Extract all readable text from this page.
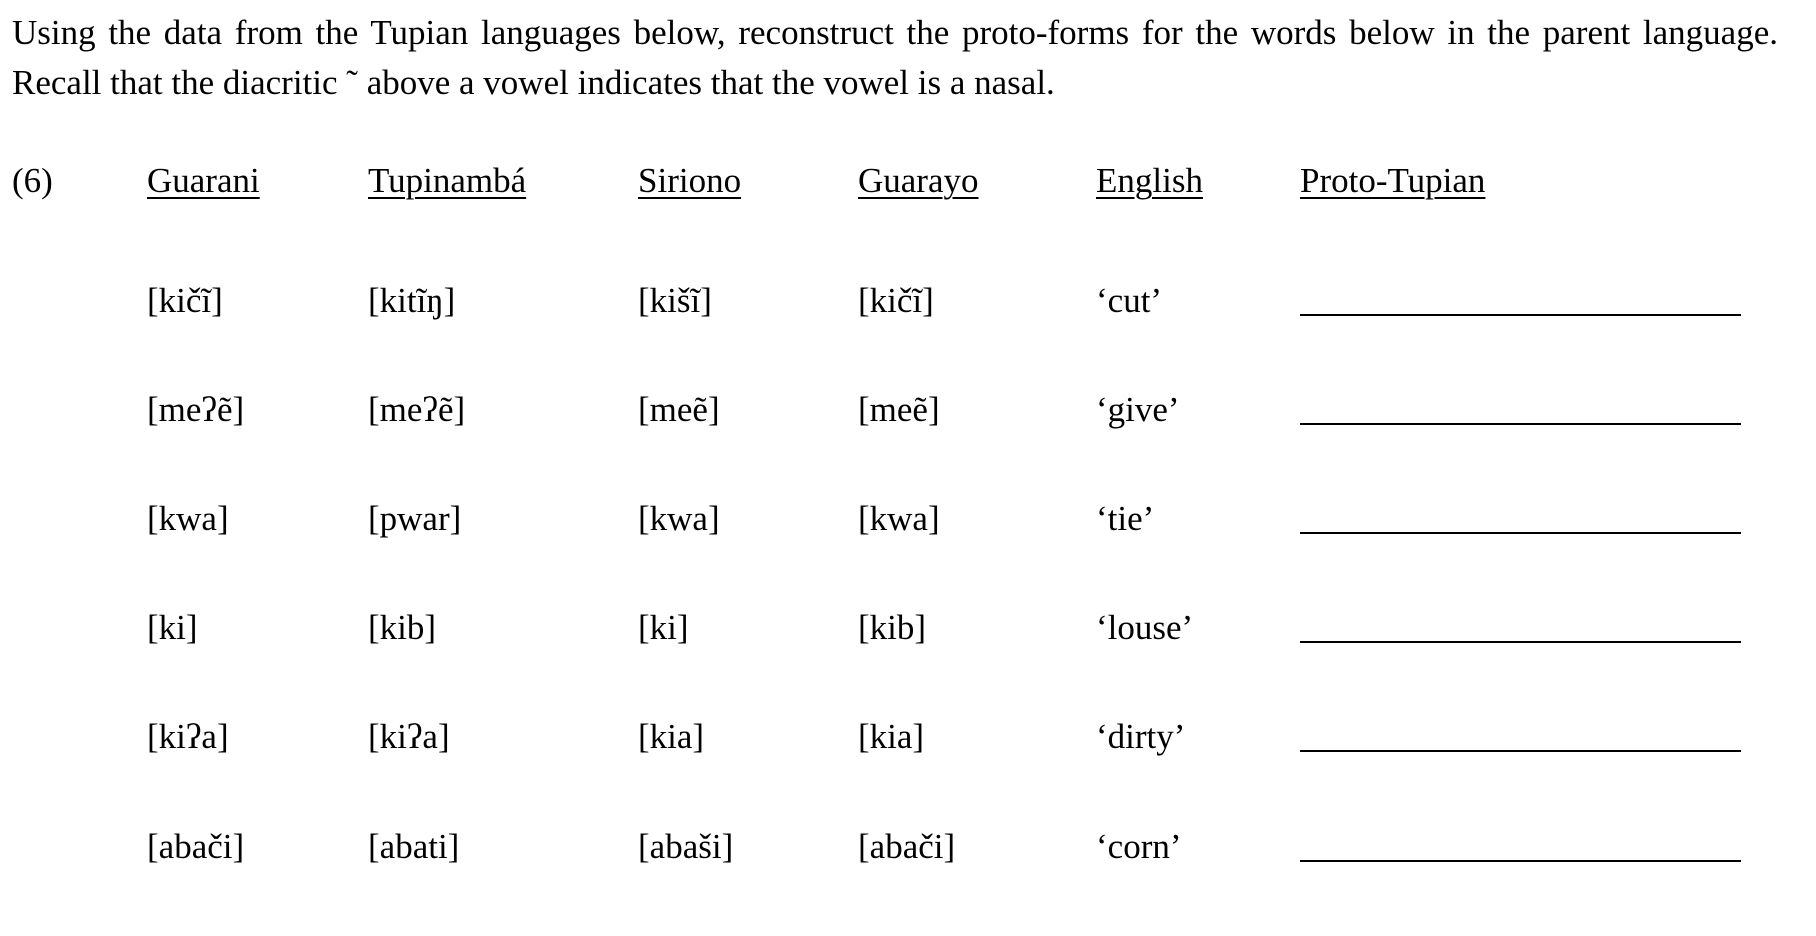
Using the data from the Tupian languages below, reconstruct the proto-forms for the words below in the parent language. Recall that the diacritic ˜ above a vowel indicates that the vowel is a nasal.

(6)	Guarani	Tupinambá	Siriono	Guarayo	English	Proto-Tupian
[kičĩ]	[kitĩŋ]	[kišĩ]	[kičĩ]	‘cut’
[meʔẽ]	[meʔẽ]	[meẽ]	[meẽ]	‘give’
[kwa]	[pwar]	[kwa]	[kwa]	‘tie’
[ki]	[kib]	[ki]	[kib]	‘louse’
[kiʔa]	[kiʔa]	[kia]	[kia]	‘dirty’
[abači]	[abati]	[abaši]	[abači]	‘corn’
